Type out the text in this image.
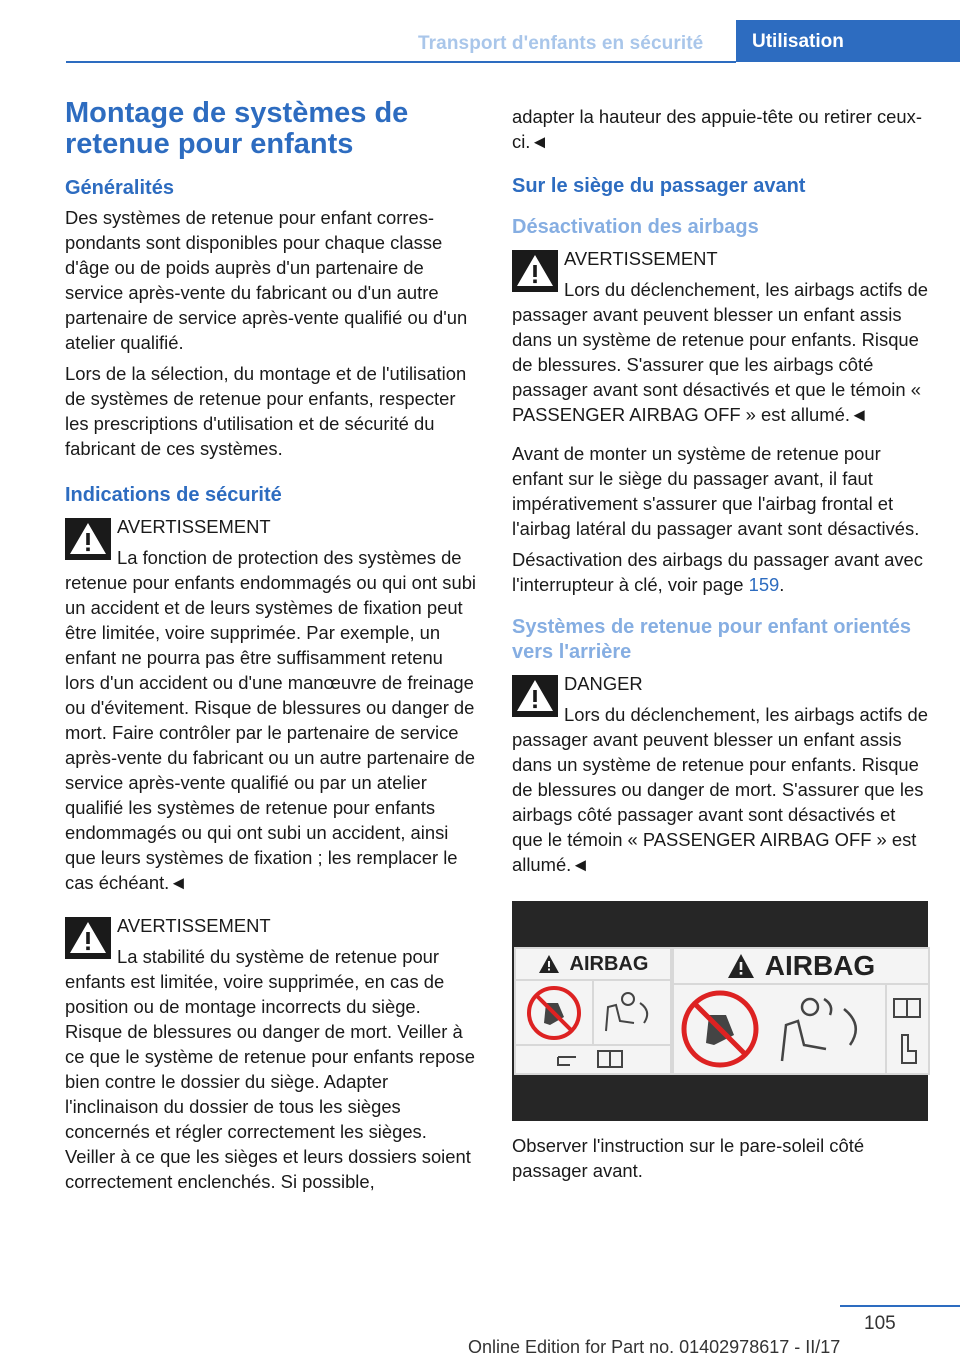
Transport d'enfants en sécurité	Utilisation
Montage de systèmes de retenue pour enfants
Généralités

Des systèmes de retenue pour enfant correspondants sont disponibles pour chaque classe d'âge ou de poids auprès d'un partenaire de service après-vente du fabricant ou d'un autre partenaire de service après-vente qualifié ou d'un atelier qualifié.

Lors de la sélection, du montage et de l'utilisation de systèmes de retenue pour enfants, respecter les prescriptions d'utilisation et de sécurité du fabricant de ces systèmes.

Indications de sécurité
AVERTISSEMENT
La fonction de protection des systèmes de retenue pour enfants endommagés ou qui ont subi un accident et de leurs systèmes de fixation peut être limitée, voire supprimée. Par exemple, un enfant ne pourra pas être suffisamment retenu lors d'un accident ou d'une manœuvre de freinage ou d'évitement. Risque de blessures ou danger de mort. Faire contrôler par le partenaire de service après-vente du fabricant ou un autre partenaire de service après-vente qualifié ou par un atelier qualifié les systèmes de retenue pour enfants endommagés ou qui ont subi un accident, ainsi que leurs systèmes de fixation ; les remplacer le cas échéant.◄
AVERTISSEMENT
La stabilité du système de retenue pour enfants est limitée, voire supprimée, en cas de position ou de montage incorrects du siège. Risque de blessures ou danger de mort. Veiller à ce que le système de retenue pour enfants repose bien contre le dossier du siège. Adapter l'inclinaison du dossier de tous les sièges concernés et régler correctement les sièges. Veiller à ce que les sièges et leurs dossiers soient correctement enclenchés. Si possible,

adapter la hauteur des appuie-tête ou retirer ceux-ci.◄

Sur le siège du passager avant
Désactivation des airbags
AVERTISSEMENT
Lors du déclenchement, les airbags actifs de passager avant peuvent blesser un enfant assis dans un système de retenue pour enfants. Risque de blessures. S'assurer que les airbags côté passager avant sont désactivés et que le témoin « PASSENGER AIRBAG OFF » est allumé.◄

Avant de monter un système de retenue pour enfant sur le siège du passager avant, il faut impérativement s'assurer que l'airbag frontal et l'airbag latéral du passager avant sont désactivés.

Désactivation des airbags du passager avant avec l'interrupteur à clé, voir page 159.

Systèmes de retenue pour enfant orientés vers l'arrière
DANGER
Lors du déclenchement, les airbags actifs de passager avant peuvent blesser un enfant assis dans un système de retenue pour enfants. Risque de blessures ou danger de mort. S'assurer que les airbags côté passager avant sont désactivés et que le témoin « PASSENGER AIRBAG OFF » est allumé.◄
AIRBAG	AIRBAG

Observer l'instruction sur le pare-soleil côté passager avant.

105
Online Edition for Part no. 01402978617 - II/17
